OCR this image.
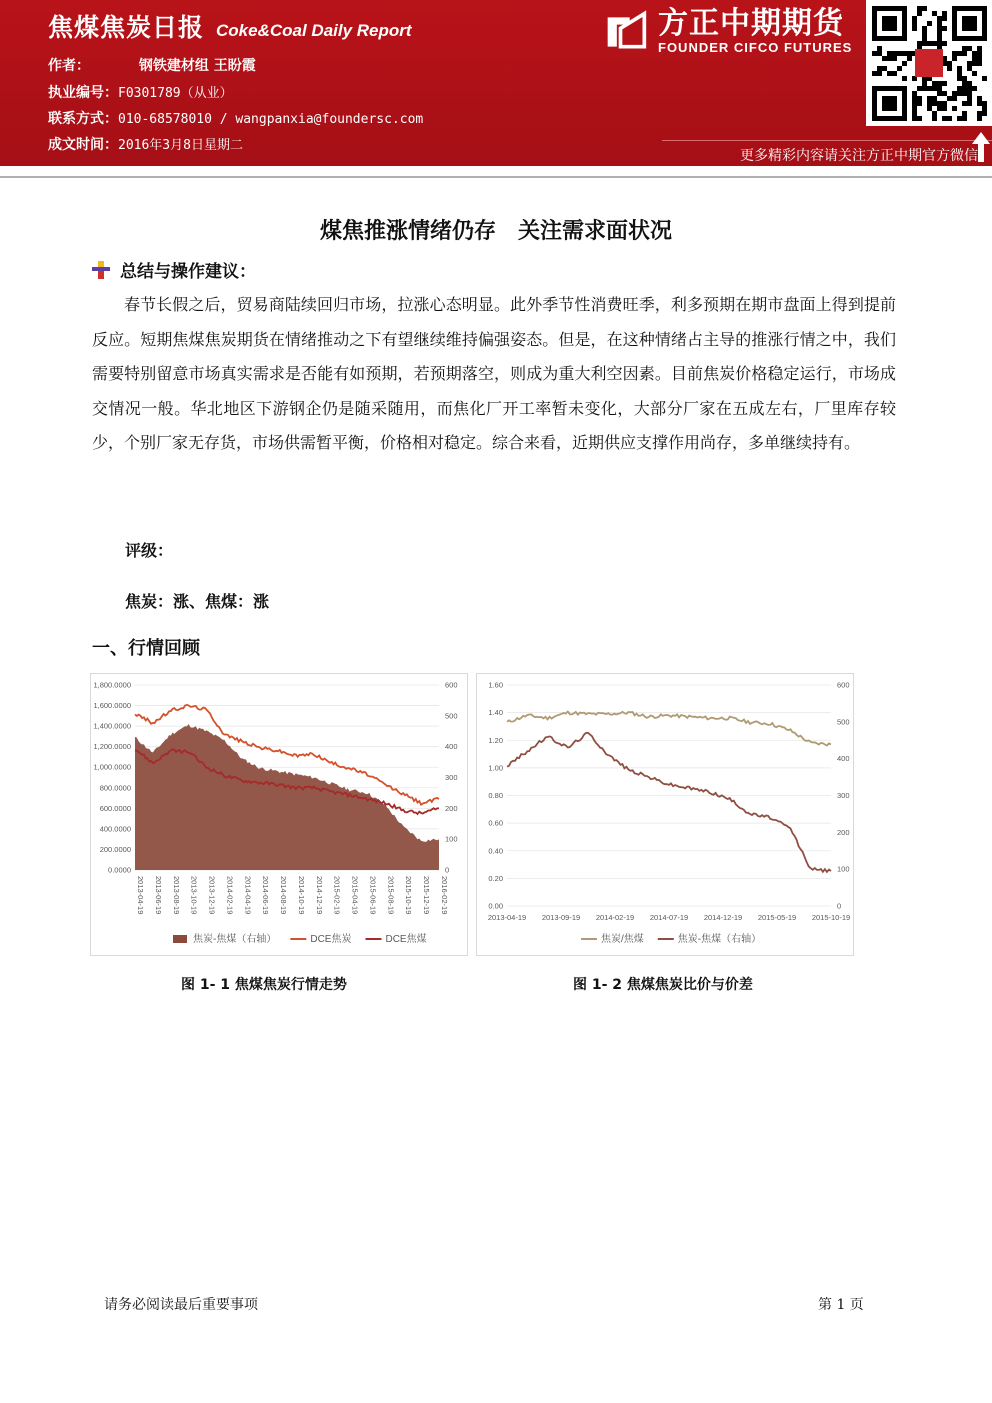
焦煤焦炭日报 Coke&Coal Daily Report
作者：	钢铁建材组 王盼霞
执业编号：F0301789（从业）
联系方式：010-68578010 / wangpanxia@foundersc.com
成文时间：2016年3月8日星期二
方正中期期货
FOUNDER CIFCO FUTURES
更多精彩内容请关注方正中期官方微信
煤焦推涨情绪仍存　关注需求面状况
总结与操作建议：
春节长假之后，贸易商陆续回归市场，拉涨心态明显。此外季节性消费旺季，利多预期在期市盘面上得到提前反应。短期焦煤焦炭期货在情绪推动之下有望继续维持偏强姿态。但是，在这种情绪占主导的推涨行情之中，我们需要特别留意市场真实需求是否能有如预期，若预期落空，则成为重大利空因素。目前焦炭价格稳定运行，市场成交情况一般。华北地区下游钢企仍是随采随用，而焦化厂开工率暂未变化，大部分厂家在五成左右，厂里库存较少，个别厂家无存货，市场供需暂平衡，价格相对稳定。综合来看，近期供应支撑作用尚存，多单继续持有。
评级：
焦炭：涨、焦煤：涨
一、行情回顾
0.0000
200.0000
400.0000
600.0000
800.0000
1,000.0000
1,200.0000
1,400.0000
1,600.0000
1,800.0000
0
100
200
300
400
500
600
2013-04-19 2013-06-19 2013-08-19 2013-10-19 2013-12-19 2014-02-19 2014-04-19 2014-06-19 2014-08-19 2014-10-19 2014-12-19 2015-02-19 2015-04-19 2015-06-19 2015-08-19 2015-10-19 2015-12-19 2016-02-19
焦炭-焦煤（右轴）	DCE焦炭	DCE焦煤
0.00
0.20
0.40
0.60
0.80
1.00
1.20
1.40
1.60
0
100
200
300
400
500
600
2013-04-19 2013-09-19 2014-02-19 2014-07-19 2014-12-19 2015-05-19 2015-10-19
焦炭/焦煤	焦炭-焦煤（右轴）
图 1- 1 焦煤焦炭行情走势	图 1- 2 焦煤焦炭比价与价差
请务必阅读最后重要事项	第 1 页
